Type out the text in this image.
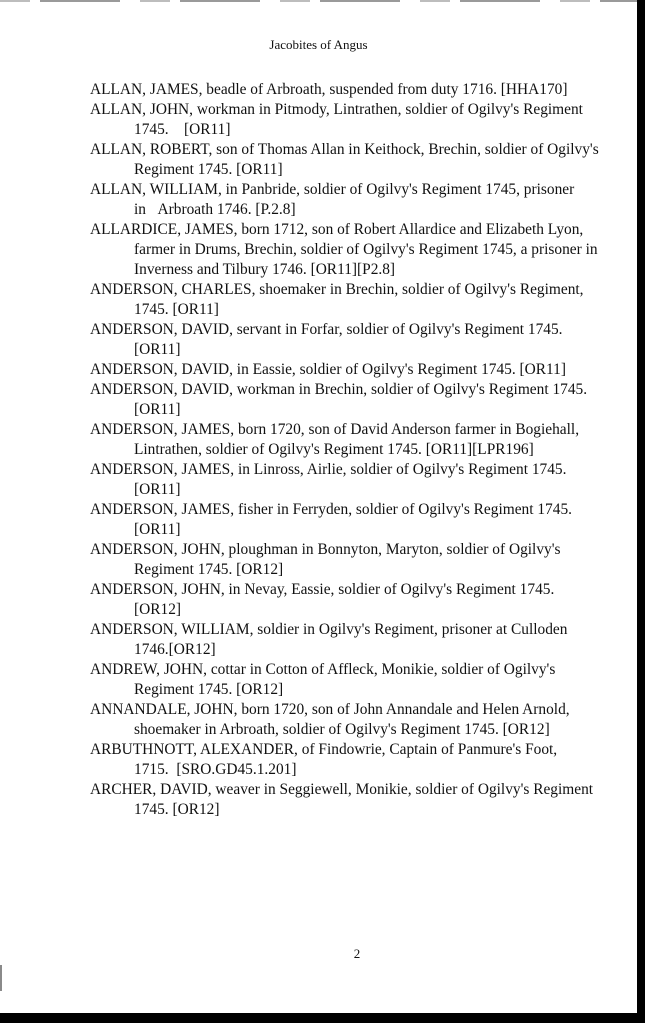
Jacobites of Angus
ALLAN, JAMES, beadle of Arbroath, suspended from duty 1716. [HHA170]
ALLAN, JOHN, workman in Pitmody, Lintrathen, soldier of Ogilvy's Regiment 1745.    [OR11]
ALLAN, ROBERT, son of Thomas Allan in Keithock, Brechin, soldier of Ogilvy's Regiment 1745. [OR11]
ALLAN, WILLIAM, in Panbride, soldier of Ogilvy's Regiment 1745, prisoner in   Arbroath 1746. [P.2.8]
ALLARDICE, JAMES, born 1712, son of Robert Allardice and Elizabeth Lyon, farmer in Drums, Brechin, soldier of Ogilvy's Regiment 1745, a prisoner in Inverness and Tilbury 1746. [OR11][P2.8]
ANDERSON, CHARLES, shoemaker in Brechin, soldier of Ogilvy's Regiment, 1745. [OR11]
ANDERSON, DAVID, servant in Forfar, soldier of Ogilvy's Regiment 1745. [OR11]
ANDERSON, DAVID, in Eassie, soldier of Ogilvy's Regiment 1745. [OR11]
ANDERSON, DAVID, workman in Brechin, soldier of Ogilvy's Regiment 1745. [OR11]
ANDERSON, JAMES, born 1720, son of David Anderson farmer in Bogiehall, Lintrathen, soldier of Ogilvy's Regiment 1745. [OR11][LPR196]
ANDERSON, JAMES, in Linross, Airlie, soldier of Ogilvy's Regiment 1745. [OR11]
ANDERSON, JAMES, fisher in Ferryden, soldier of Ogilvy's Regiment 1745. [OR11]
ANDERSON, JOHN, ploughman in Bonnyton, Maryton, soldier of Ogilvy's Regiment 1745. [OR12]
ANDERSON, JOHN, in Nevay, Eassie, soldier of Ogilvy's Regiment 1745. [OR12]
ANDERSON, WILLIAM, soldier in Ogilvy's Regiment, prisoner at Culloden 1746.[OR12]
ANDREW, JOHN, cottar in Cotton of Affleck, Monikie, soldier of Ogilvy's Regiment 1745. [OR12]
ANNANDALE, JOHN, born 1720, son of John Annandale and Helen Arnold, shoemaker in Arbroath, soldier of Ogilvy's Regiment 1745. [OR12]
ARBUTHNOTT, ALEXANDER, of Findowrie, Captain of Panmure's Foot, 1715.  [SRO.GD45.1.201]
ARCHER, DAVID, weaver in Seggiewell, Monikie, soldier of Ogilvy's Regiment 1745. [OR12]
2
